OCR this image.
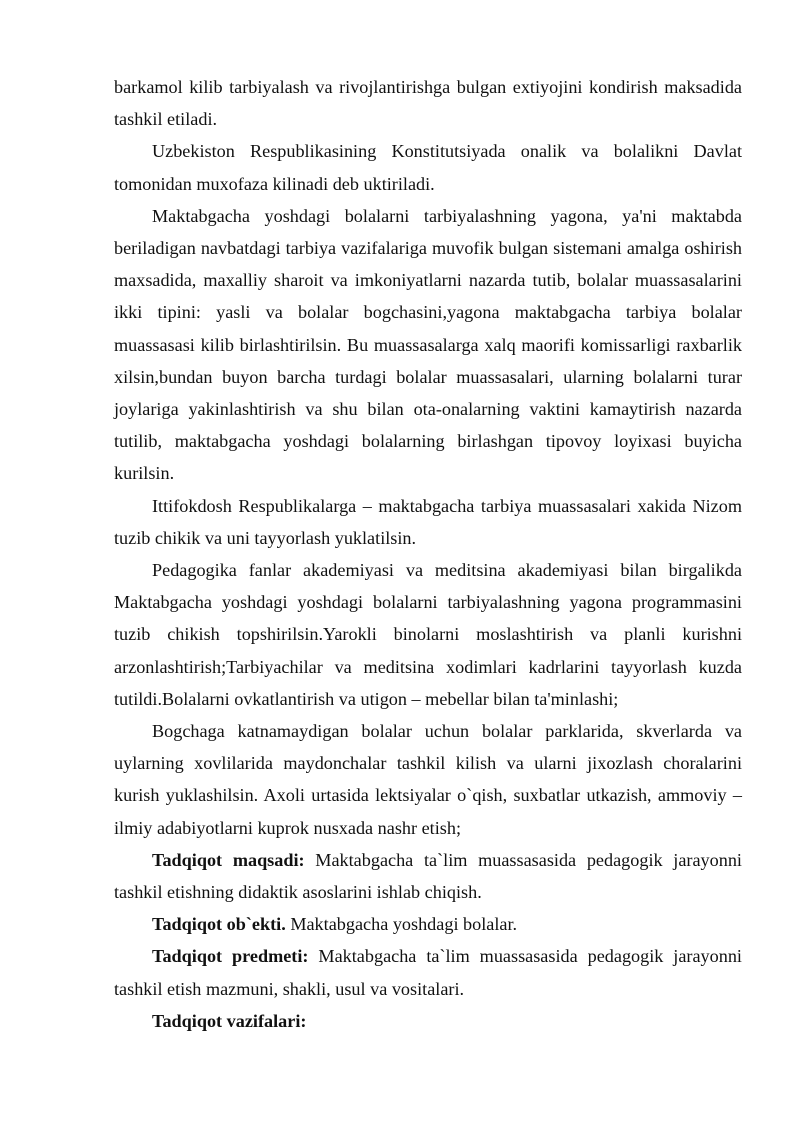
barkamol kilib tarbiyalash va rivojlantirishga bulgan extiyojini kondirish maksadida tashkil etiladi.

Uzbekiston Respublikasining Konstitutsiyada onalik va bolalikni Davlat tomonidan muxofaza kilinadi deb uktiriladi.

Maktabgacha yoshdagi bolalarni tarbiyalashning yagona, ya'ni maktabda beriladigan navbatdagi tarbiya vazifalariga muvofik bulgan sistemani amalga oshirish maxsadida, maxalliy sharoit va imkoniyatlarni nazarda tutib, bolalar muassasalarini ikki tipini: yasli va bolalar bogchasini,yagona maktabgacha tarbiya bolalar muassasasi kilib birlashtirilsin. Bu muassasalarga xalq maorifi komissarligi raxbarlik xilsin,bundan buyon barcha turdagi bolalar muassasalari, ularning bolalarni turar joylariga yakinlashtirish va shu bilan ota-onalarning vaktini kamaytirish nazarda tutilib, maktabgacha yoshdagi bolalarning birlashgan tipovoy loyixasi buyicha kurilsin.

Ittifokdosh Respublikalarga – maktabgacha tarbiya muassasalari xakida Nizom tuzib chikik va uni tayyorlash yuklatilsin.

Pedagogika fanlar akademiyasi va meditsina akademiyasi bilan birgalikda Maktabgacha yoshdagi yoshdagi bolalarni tarbiyalashning yagona programmasini tuzib chikish topshirilsin.Yarokli binolarni moslashtirish va planli kurishni arzonlashtirish;Tarbiyachilar va meditsina xodimlari kadrlarini tayyorlash kuzda tutildi.Bolalarni ovkatlantirish va utigon – mebellar bilan ta'minlashi;

Bogchaga katnamaydigan bolalar uchun bolalar parklarida, skverlarda va uylarning xovlilarida maydonchalar tashkil kilish va ularni jixozlash choralarini kurish yuklashilsin. Axoli urtasida lektsiyalar o`qish, suxbatlar utkazish, ammoviy – ilmiy adabiyotlarni kuprok nusxada nashr etish;

Tadqiqot maqsadi: Maktabgacha ta`lim muassasasida pedagogik jarayonni tashkil etishning didaktik asoslarini ishlab chiqish.

Tadqiqot ob`ekti. Maktabgacha yoshdagi bolalar.

Tadqiqot predmeti: Maktabgacha ta`lim muassasasida pedagogik jarayonni tashkil etish mazmuni, shakli, usul va vositalari.

Tadqiqot vazifalari:
